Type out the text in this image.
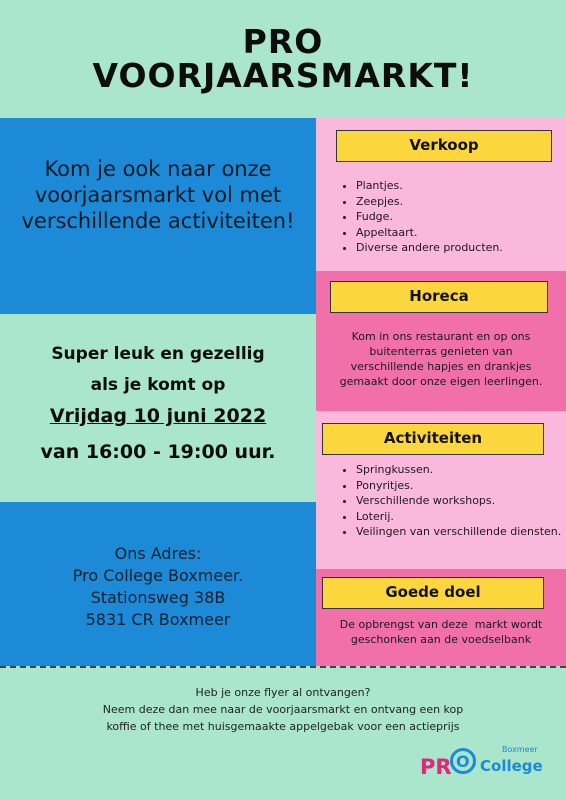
PRO
VOORJAARSMARKT!
Kom je ook naar onze
voorjaarsmarkt vol met
verschillende activiteiten!
Super leuk en gezellig
als je komt op
Vrijdag 10 juni 2022
van 16:00 - 19:00 uur.
Ons Adres:
Pro College Boxmeer.
Stationsweg 38B
5831 CR Boxmeer
Verkoop
• Plantjes.
• Zeepjes.
• Fudge.
• Appeltaart.
• Diverse andere producten.
Horeca
Kom in ons restaurant en op ons
buitenterras genieten van
verschillende hapjes en drankjes
gemaakt door onze eigen leerlingen.
Activiteiten
• Springkussen.
• Ponyritjes.
• Verschillende workshops.
• Loterij.
• Veilingen van verschillende diensten.
Goede doel
De opbrengst van deze  markt wordt
geschonken aan de voedselbank
Heb je onze flyer al ontvangen?
Neem deze dan mee naar de voorjaarsmarkt en ontvang een kop
koffie of thee met huisgemaakte appelgebak voor een actieprijs
Boxmeer
PR O College
